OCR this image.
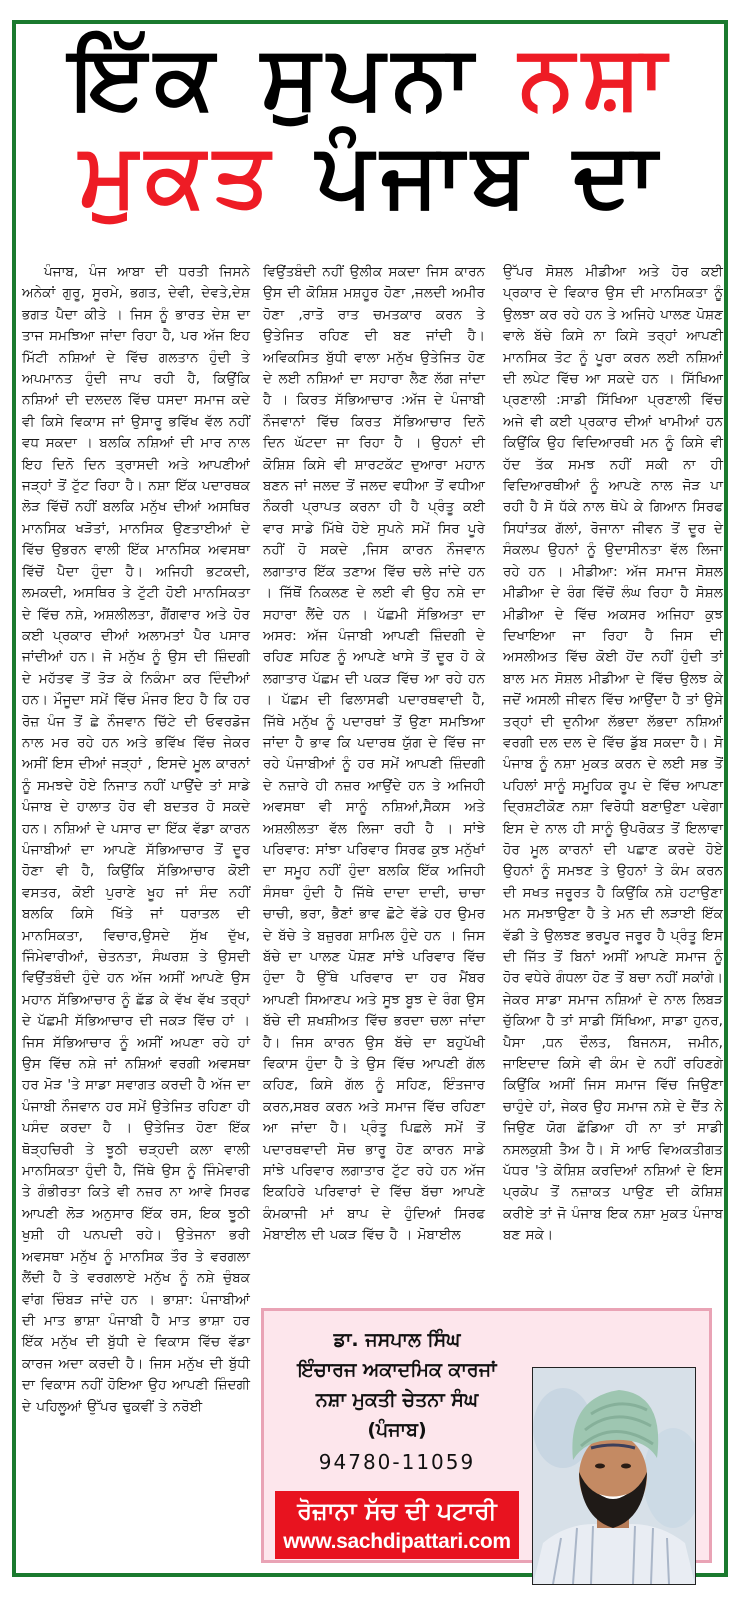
ਇੱਕ ਸੁਪਨਾ ਨਸ਼ਾ
ਮੁਕਤ ਪੰਜਾਬ ਦਾ

ਪੰਜਾਬ, ਪੰਜ ਆਬਾ ਦੀ ਧਰਤੀ ਜਿਸਨੇ ਅਨੇਕਾਂ ਗੁਰੂ, ਸੂਰਮੇ, ਭਗਤ, ਦੇਵੀ, ਦੇਵਤੇ,ਦੇਸ਼ ਭਗਤ ਪੈਦਾ ਕੀਤੇ । ਜਿਸ ਨੂੰ ਭਾਰਤ ਦੇਸ਼ ਦਾ ਤਾਜ ਸਮਝਿਆ ਜਾਂਦਾ ਰਿਹਾ ਹੈ, ਪਰ ਅੱਜ ਇਹ ਮਿੱਟੀ ਨਸ਼ਿਆਂ ਦੇ ਵਿੱਚ ਗਲਤਾਨ ਹੁੰਦੀ ਤੇ ਅਪਮਾਨਤ ਹੁੰਦੀ ਜਾਪ ਰਹੀ ਹੈ, ਕਿਉਂਕਿ ਨਸ਼ਿਆਂ ਦੀ ਦਲਦਲ ਵਿੱਚ ਧਸਦਾ ਸਮਾਜ ਕਦੇ ਵੀ ਕਿਸੇ ਵਿਕਾਸ ਜਾਂ ਉਸਾਰੂ ਭਵਿੱਖ ਵੱਲ ਨਹੀਂ ਵਧ ਸਕਦਾ । ਬਲਕਿ ਨਸ਼ਿਆਂ ਦੀ ਮਾਰ ਨਾਲ ਇਹ ਦਿਨੋ ਦਿਨ ਤ੍ਰਾਸਦੀ ਅਤੇ ਆਪਣੀਆਂ ਜੜ੍ਹਾਂ ਤੋਂ ਟੁੱਟ ਰਿਹਾ ਹੈ। ਨਸ਼ਾ ਇੱਕ ਪਦਾਰਥਕ ਲੋੜ ਵਿੱਚੋਂ ਨਹੀਂ ਬਲਕਿ ਮਨੁੱਖ ਦੀਆਂ ਅਸਥਿਰ ਮਾਨਸਿਕ ਖੜੋਤਾਂ, ਮਾਨਸਿਕ ਉਣਤਾਈਆਂ ਦੇ ਵਿੱਚ ਉਭਰਨ ਵਾਲੀ ਇੱਕ ਮਾਨਸਿਕ ਅਵਸਥਾ ਵਿੱਚੋਂ ਪੈਦਾ ਹੁੰਦਾ ਹੈ। ਅਜਿਹੀ ਭਟਕਦੀ, ਲਮਕਦੀ, ਅਸਥਿਰ ਤੇ ਟੁੱਟੀ ਹੋਈ ਮਾਨਸਿਕਤਾ ਦੇ ਵਿੱਚ ਨਸ਼ੇ, ਅਸ਼ਲੀਲਤਾ, ਗੈਂਗਵਾਰ ਅਤੇ ਹੋਰ ਕਈ ਪ੍ਰਕਾਰ ਦੀਆਂ ਅਲਾਮਤਾਂ ਪੈਰ ਪਸਾਰ ਜਾਂਦੀਆਂ ਹਨ। ਜੋ ਮਨੁੱਖ ਨੂੰ ਉਸ ਦੀ ਜ਼ਿੰਦਗੀ ਦੇ ਮਹੱਤਵ ਤੋਂ ਤੋੜ ਕੇ ਨਿਕੰਮਾ ਕਰ ਦਿੰਦੀਆਂ ਹਨ। ਮੌਜੂਦਾ ਸਮੇਂ ਵਿੱਚ ਮੰਜਰ ਇਹ ਹੈ ਕਿ ਹਰ ਰੋਜ਼ ਪੰਜ ਤੋਂ ਛੇ ਨੌਜਵਾਨ ਚਿੱਟੇ ਦੀ ਓਵਰਡੋਜ ਨਾਲ ਮਰ ਰਹੇ ਹਨ ਅਤੇ ਭਵਿੱਖ ਵਿੱਚ ਜੇਕਰ ਅਸੀਂ ਇਸ ਦੀਆਂ ਜੜ੍ਹਾਂ , ਇਸਦੇ ਮੂਲ ਕਾਰਨਾਂ ਨੂੰ ਸਮਝਦੇ ਹੋਏ ਨਿਜਾਤ ਨਹੀਂ ਪਾਉਂਦੇ ਤਾਂ ਸਾਡੇ ਪੰਜਾਬ ਦੇ ਹਾਲਾਤ ਹੋਰ ਵੀ ਬਦਤਰ ਹੋ ਸਕਦੇ ਹਨ। ਨਸ਼ਿਆਂ ਦੇ ਪਸਾਰ ਦਾ ਇੱਕ ਵੱਡਾ ਕਾਰਨ ਪੰਜਾਬੀਆਂ ਦਾ ਆਪਣੇ ਸੱਭਿਆਚਾਰ ਤੋਂ ਦੂਰ ਹੋਣਾ ਵੀ ਹੈ, ਕਿਉਂਕਿ ਸੱਭਿਆਚਾਰ ਕੋਈ ਵਸਤਰ, ਕੋਈ ਪੁਰਾਣੇ ਖੂਹ ਜਾਂ ਸੰਦ ਨਹੀਂ ਬਲਕਿ ਕਿਸੇ ਖਿੱਤੇ ਜਾਂ ਧਰਾਤਲ ਦੀ ਮਾਨਸਿਕਤਾ, ਵਿਚਾਰ,ਉਸਦੇ ਸੁੱਖ ਦੁੱਖ, ਜਿੰਮੇਵਾਰੀਆਂ, ਚੇਤਨਤਾ, ਸੰਘਰਸ਼ ਤੇ ਉਸਦੀ ਵਿਉਂਤਬੰਦੀ ਹੁੰਦੇ ਹਨ ਅੱਜ ਅਸੀਂ ਆਪਣੇ ਉਸ ਮਹਾਨ ਸੱਭਿਆਚਾਰ ਨੂੰ ਛੱਡ ਕੇ ਵੱਖ ਵੱਖ ਤਰ੍ਹਾਂ ਦੇ ਪੱਛਮੀ ਸੱਭਿਆਚਾਰ ਦੀ ਜਕੜ ਵਿੱਚ ਹਾਂ । ਜਿਸ ਸੱਭਿਆਚਾਰ ਨੂੰ ਅਸੀਂ ਅਪਣਾ ਰਹੇ ਹਾਂ ਉਸ ਵਿੱਚ ਨਸ਼ੇ ਜਾਂ ਨਸ਼ਿਆਂ ਵਰਗੀ ਅਵਸਥਾ ਹਰ ਮੋੜ 'ਤੇ ਸਾਡਾ ਸਵਾਗਤ ਕਰਦੀ ਹੈ ਅੱਜ ਦਾ ਪੰਜਾਬੀ ਨੌਜਵਾਨ ਹਰ ਸਮੇਂ ਉਤੇਜਿਤ ਰਹਿਣਾ ਹੀ ਪਸੰਦ ਕਰਦਾ ਹੈ । ਉਤੇਜਿਤ ਹੋਣਾ ਇੱਕ ਥੋੜ੍ਹਚਿਰੀ ਤੇ ਝੂਠੀ ਚੜ੍ਹਦੀ ਕਲਾ ਵਾਲੀ ਮਾਨਸਿਕਤਾ ਹੁੰਦੀ ਹੈ, ਜਿੱਥੇ ਉਸ ਨੂੰ ਜਿੰਮੇਵਾਰੀ ਤੇ ਗੰਭੀਰਤਾ ਕਿਤੇ ਵੀ ਨਜ਼ਰ ਨਾ ਆਵੇ ਸਿਰਫ ਆਪਣੀ ਲੋੜ ਅਨੁਸਾਰ ਇੱਕ ਰਸ, ਇਕ ਝੂਠੀ ਖੁਸ਼ੀ ਹੀ ਪਨਪਦੀ ਰਹੇ। ਉਤੇਜਨਾ ਭਰੀ ਅਵਸਥਾ ਮਨੁੱਖ ਨੂੰ ਮਾਨਸਿਕ ਤੌਰ ਤੇ ਵਰਗਲਾ ਲੈਂਦੀ ਹੈ ਤੇ ਵਰਗਲਾਏ ਮਨੁੱਖ ਨੂੰ ਨਸ਼ੇ ਚੁੰਬਕ ਵਾਂਗ ਚਿੰਬੜ ਜਾਂਦੇ ਹਨ । ਭਾਸ਼ਾ: ਪੰਜਾਬੀਆਂ ਦੀ ਮਾਤ ਭਾਸ਼ਾ ਪੰਜਾਬੀ ਹੈ ਮਾਤ ਭਾਸ਼ਾ ਹਰ ਇੱਕ ਮਨੁੱਖ ਦੀ ਬੁੱਧੀ ਦੇ ਵਿਕਾਸ ਵਿੱਚ ਵੱਡਾ ਕਾਰਜ ਅਦਾ ਕਰਦੀ ਹੈ। ਜਿਸ ਮਨੁੱਖ ਦੀ ਬੁੱਧੀ ਦਾ ਵਿਕਾਸ ਨਹੀਂ ਹੋਇਆ ਉਹ ਆਪਣੀ ਜ਼ਿੰਦਗੀ ਦੇ ਪਹਿਲੂਆਂ ਉੱਪਰ ਢੁਕਵੀਂ ਤੇ ਨਰੋਈ

ਵਿਉਂਤਬੰਦੀ ਨਹੀਂ ਉਲੀਕ ਸਕਦਾ ਜਿਸ ਕਾਰਨ ਉਸ ਦੀ ਕੋਸ਼ਿਸ਼ ਮਸ਼ਹੂਰ ਹੋਣਾ ,ਜਲਦੀ ਅਮੀਰ ਹੋਣਾ ,ਰਾਤੋ ਰਾਤ ਚਮਤਕਾਰ ਕਰਨ ਤੇ ਉਤੇਜਿਤ ਰਹਿਣ ਦੀ ਬਣ ਜਾਂਦੀ ਹੈ। ਅਵਿਕਸਿਤ ਬੁੱਧੀ ਵਾਲਾ ਮਨੁੱਖ ਉਤੇਜਿਤ ਹੋਣ ਦੇ ਲਈ ਨਸ਼ਿਆਂ ਦਾ ਸਹਾਰਾ ਲੈਣ ਲੱਗ ਜਾਂਦਾ ਹੈ । ਕਿਰਤ ਸੱਭਿਆਚਾਰ :ਅੱਜ ਦੇ ਪੰਜਾਬੀ ਨੌਜਵਾਨਾਂ ਵਿੱਚ ਕਿਰਤ ਸੱਭਿਆਚਾਰ ਦਿਨੋ ਦਿਨ ਘੱਟਦਾ ਜਾ ਰਿਹਾ ਹੈ । ਉਹਨਾਂ ਦੀ ਕੋਸ਼ਿਸ਼ ਕਿਸੇ ਵੀ ਸ਼ਾਰਟਕੱਟ ਦੁਆਰਾ ਮਹਾਨ ਬਣਨ ਜਾਂ ਜਲਦ ਤੋਂ ਜਲਦ ਵਧੀਆ ਤੋਂ ਵਧੀਆ ਨੌਕਰੀ ਪ੍ਰਾਪਤ ਕਰਨਾ ਹੀ ਹੈ ਪ੍ਰੰਤੂ ਕਈ ਵਾਰ ਸਾਡੇ ਮਿੱਥੇ ਹੋਏ ਸੁਪਨੇ ਸਮੇਂ ਸਿਰ ਪੂਰੇ ਨਹੀਂ ਹੋ ਸਕਦੇ ,ਜਿਸ ਕਾਰਨ ਨੌਜਵਾਨ ਲਗਾਤਾਰ ਇੱਕ ਤਣਾਅ ਵਿੱਚ ਚਲੇ ਜਾਂਦੇ ਹਨ । ਜਿੱਥੋਂ ਨਿਕਲਣ ਦੇ ਲਈ ਵੀ ਉਹ ਨਸ਼ੇ ਦਾ ਸਹਾਰਾ ਲੈਂਦੇ ਹਨ । ਪੱਛਮੀ ਸੱਭਿਅਤਾ ਦਾ ਅਸਰ: ਅੱਜ ਪੰਜਾਬੀ ਆਪਣੀ ਜ਼ਿੰਦਗੀ ਦੇ ਰਹਿਣ ਸਹਿਣ ਨੂੰ ਆਪਣੇ ਖਾਸੇ ਤੋਂ ਦੂਰ ਹੋ ਕੇ ਲਗਾਤਾਰ ਪੱਛਮ ਦੀ ਪਕੜ ਵਿੱਚ ਆ ਰਹੇ ਹਨ । ਪੱਛਮ ਦੀ ਫਿਲਾਸਫੀ ਪਦਾਰਥਵਾਦੀ ਹੈ, ਜਿੱਥੇ ਮਨੁੱਖ ਨੂੰ ਪਦਾਰਥਾਂ ਤੋਂ ਉਣਾ ਸਮਝਿਆ ਜਾਂਦਾ ਹੈ ਭਾਵ ਕਿ ਪਦਾਰਥ ਯੁੱਗ ਦੇ ਵਿੱਚ ਜਾ ਰਹੇ ਪੰਜਾਬੀਆਂ ਨੂੰ ਹਰ ਸਮੇਂ ਆਪਣੀ ਜ਼ਿੰਦਗੀ ਦੇ ਨਜ਼ਾਰੇ ਹੀ ਨਜ਼ਰ ਆਉਂਦੇ ਹਨ ਤੇ ਅਜਿਹੀ ਅਵਸਥਾ ਵੀ ਸਾਨੂੰ ਨਸ਼ਿਆਂ,ਸੈਕਸ ਅਤੇ ਅਸ਼ਲੀਲਤਾ ਵੱਲ ਲਿਜਾ ਰਹੀ ਹੈ । ਸਾਂਝੇ ਪਰਿਵਾਰ: ਸਾਂਝਾ ਪਰਿਵਾਰ ਸਿਰਫ ਕੁਝ ਮਨੁੱਖਾਂ ਦਾ ਸਮੂਹ ਨਹੀਂ ਹੁੰਦਾ ਬਲਕਿ ਇੱਕ ਅਜਿਹੀ ਸੰਸਥਾ ਹੁੰਦੀ ਹੈ ਜਿੱਥੇ ਦਾਦਾ ਦਾਦੀ, ਚਾਚਾ ਚਾਚੀ, ਭਰਾ, ਭੈਣਾਂ ਭਾਵ ਛੋਟੇ ਵੱਡੇ ਹਰ ਉਮਰ ਦੇ ਬੱਚੇ ਤੇ ਬਜ਼ੁਰਗ ਸ਼ਾਮਿਲ ਹੁੰਦੇ ਹਨ । ਜਿਸ ਬੱਚੇ ਦਾ ਪਾਲਣ ਪੋਸ਼ਣ ਸਾਂਝੇ ਪਰਿਵਾਰ ਵਿੱਚ ਹੁੰਦਾ ਹੈ ਉੱਥੇ ਪਰਿਵਾਰ ਦਾ ਹਰ ਮੈਂਬਰ ਆਪਣੀ ਸਿਆਣਪ ਅਤੇ ਸੂਝ ਬੂਝ ਦੇ ਰੰਗ ਉਸ ਬੱਚੇ ਦੀ ਸ਼ਖਸ਼ੀਅਤ ਵਿੱਚ ਭਰਦਾ ਚਲਾ ਜਾਂਦਾ ਹੈ। ਜਿਸ ਕਾਰਨ ਉਸ ਬੱਚੇ ਦਾ ਬਹੁਪੱਖੀ ਵਿਕਾਸ ਹੁੰਦਾ ਹੈ ਤੇ ਉਸ ਵਿੱਚ ਆਪਣੀ ਗੱਲ ਕਹਿਣ, ਕਿਸੇ ਗੱਲ ਨੂੰ ਸਹਿਣ, ਇੰਤਜਾਰ ਕਰਨ,ਸਬਰ ਕਰਨ ਅਤੇ ਸਮਾਜ ਵਿੱਚ ਰਹਿਣਾ ਆ ਜਾਂਦਾ ਹੈ। ਪ੍ਰੰਤੂ ਪਿਛਲੇ ਸਮੇਂ ਤੋਂ ਪਦਾਰਥਵਾਦੀ ਸੋਚ ਭਾਰੂ ਹੋਣ ਕਾਰਨ ਸਾਡੇ ਸਾਂਝੇ ਪਰਿਵਾਰ ਲਗਾਤਾਰ ਟੁੱਟ ਰਹੇ ਹਨ ਅੱਜ ਇਕਹਿਰੇ ਪਰਿਵਾਰਾਂ ਦੇ ਵਿੱਚ ਬੱਚਾ ਆਪਣੇ ਕੰਮਕਾਜੀ ਮਾਂ ਬਾਪ ਦੇ ਹੁੰਦਿਆਂ ਸਿਰਫ ਮੋਬਾਈਲ ਦੀ ਪਕੜ ਵਿੱਚ ਹੈ । ਮੋਬਾਈਲ

ਉੱਪਰ ਸੋਸ਼ਲ ਮੀਡੀਆ ਅਤੇ ਹੋਰ ਕਈ ਪ੍ਰਕਾਰ ਦੇ ਵਿਕਾਰ ਉਸ ਦੀ ਮਾਨਸਿਕਤਾ ਨੂੰ ਉਲਝਾ ਕਰ ਰਹੇ ਹਨ ਤੇ ਅਜਿਹੇ ਪਾਲਣ ਪੋਸ਼ਣ ਵਾਲੇ ਬੱਚੇ ਕਿਸੇ ਨਾ ਕਿਸੇ ਤਰ੍ਹਾਂ ਆਪਣੀ ਮਾਨਸਿਕ ਤੋਟ ਨੂੰ ਪੂਰਾ ਕਰਨ ਲਈ ਨਸ਼ਿਆਂ ਦੀ ਲਪੇਟ ਵਿੱਚ ਆ ਸਕਦੇ ਹਨ । ਸਿੱਖਿਆ ਪ੍ਰਣਾਲੀ :ਸਾਡੀ ਸਿੱਖਿਆ ਪ੍ਰਣਾਲੀ ਵਿੱਚ ਅਜੇ ਵੀ ਕਈ ਪ੍ਰਕਾਰ ਦੀਆਂ ਖਾਮੀਆਂ ਹਨ ਕਿਉਂਕਿ ਉਹ ਵਿਦਿਆਰਥੀ ਮਨ ਨੂੰ ਕਿਸੇ ਵੀ ਹੱਦ ਤੱਕ ਸਮਝ ਨਹੀਂ ਸਕੀ ਨਾ ਹੀ ਵਿਦਿਆਰਥੀਆਂ ਨੂੰ ਆਪਣੇ ਨਾਲ ਜੋੜ ਪਾ ਰਹੀ ਹੈ ਸੋ ਧੱਕੇ ਨਾਲ ਥੋਪੇ ਕੇ ਗਿਆਨ ਸਿਰਫ ਸਿਧਾਂਤਕ ਗੱਲਾਂ, ਰੋਜਾਨਾ ਜੀਵਨ ਤੋਂ ਦੂਰ ਦੇ ਸੰਕਲਪ ਉਹਨਾਂ ਨੂੰ ਉਦਾਸੀਨਤਾ ਵੱਲ ਲਿਜਾ ਰਹੇ ਹਨ । ਮੀਡੀਆ: ਅੱਜ ਸਮਾਜ ਸੋਸ਼ਲ ਮੀਡੀਆ ਦੇ ਰੰਗ ਵਿੱਚੋਂ ਲੰਘ ਰਿਹਾ ਹੈ ਸੋਸ਼ਲ ਮੀਡੀਆ ਦੇ ਵਿੱਚ ਅਕਸਰ ਅਜਿਹਾ ਕੁਝ ਦਿਖਾਇਆ ਜਾ ਰਿਹਾ ਹੈ ਜਿਸ ਦੀ ਅਸਲੀਅਤ ਵਿੱਚ ਕੋਈ ਹੋਂਦ ਨਹੀਂ ਹੁੰਦੀ ਤਾਂ ਬਾਲ ਮਨ ਸੋਸ਼ਲ ਮੀਡੀਆ ਦੇ ਵਿੱਚ ਉਲਝ ਕੇ ਜਦੋਂ ਅਸਲੀ ਜੀਵਨ ਵਿੱਚ ਆਉਂਦਾ ਹੈ ਤਾਂ ਉਸੇ ਤਰ੍ਹਾਂ ਦੀ ਦੁਨੀਆ ਲੱਭਦਾ ਲੱਭਦਾ ਨਸ਼ਿਆਂ ਵਰਗੀ ਦਲ ਦਲ ਦੇ ਵਿੱਚ ਡੁੱਬ ਸਕਦਾ ਹੈ। ਸੋ ਪੰਜਾਬ ਨੂੰ ਨਸ਼ਾ ਮੁਕਤ ਕਰਨ ਦੇ ਲਈ ਸਭ ਤੋਂ ਪਹਿਲਾਂ ਸਾਨੂੰ ਸਮੂਹਿਕ ਰੂਪ ਦੇ ਵਿੱਚ ਆਪਣਾ ਦ੍ਰਿਸ਼ਟੀਕੋਣ ਨਸ਼ਾ ਵਿਰੋਧੀ ਬਣਾਉਣਾ ਪਵੇਗਾ ਇਸ ਦੇ ਨਾਲ ਹੀ ਸਾਨੂੰ ਉਪਰੋਕਤ ਤੋਂ ਇਲਾਵਾ ਹੋਰ ਮੂਲ ਕਾਰਨਾਂ ਦੀ ਪਛਾਣ ਕਰਦੇ ਹੋਏ ਉਹਨਾਂ ਨੂੰ ਸਮਝਣ ਤੇ ਉਹਨਾਂ ਤੇ ਕੰਮ ਕਰਨ ਦੀ ਸਖਤ ਜਰੂਰਤ ਹੈ ਕਿਉਂਕਿ ਨਸ਼ੇ ਹਟਾਉਣਾ ਮਨ ਸਮਝਾਉਣਾ ਹੈ ਤੇ ਮਨ ਦੀ ਲੜਾਈ ਇੱਕ ਵੱਡੀ ਤੇ ਉਲਝਣ ਭਰਪੂਰ ਜਰੂਰ ਹੈ ਪ੍ਰੰਤੂ ਇਸ ਦੀ ਜਿੱਤ ਤੋਂ ਬਿਨਾਂ ਅਸੀਂ ਆਪਣੇ ਸਮਾਜ ਨੂੰ ਹੋਰ ਵਧੇਰੇ ਗੰਧਲਾ ਹੋਣ ਤੋਂ ਬਚਾ ਨਹੀਂ ਸਕਾਂਗੇ। ਜੇਕਰ ਸਾਡਾ ਸਮਾਜ ਨਸ਼ਿਆਂ ਦੇ ਨਾਲ ਲਿਬੜ ਚੁੱਕਿਆ ਹੈ ਤਾਂ ਸਾਡੀ ਸਿੱਖਿਆ, ਸਾਡਾ ਹੁਨਰ, ਪੈਸਾ ,ਧਨ ਦੌਲਤ, ਬਿਜਨਸ, ਜਮੀਨ, ਜਾਇਦਾਦ ਕਿਸੇ ਵੀ ਕੰਮ ਦੇ ਨਹੀਂ ਰਹਿਣਗੇ ਕਿਉਂਕਿ ਅਸੀਂ ਜਿਸ ਸਮਾਜ ਵਿੱਚ ਜਿਉਣਾ ਚਾਹੁੰਦੇ ਹਾਂ, ਜੇਕਰ ਉਹ ਸਮਾਜ ਨਸ਼ੇ ਦੇ ਦੈਂਤ ਨੇ ਜਿਉਣ ਯੋਗ ਛੱਡਿਆ ਹੀ ਨਾ ਤਾਂ ਸਾਡੀ ਨਸਲਕੁਸ਼ੀ ਤੈਅ ਹੈ। ਸੋ ਆਓ ਵਿਅਕਤੀਗਤ ਪੱਧਰ 'ਤੇ ਕੋਸ਼ਿਸ਼ ਕਰਦਿਆਂ ਨਸ਼ਿਆਂ ਦੇ ਇਸ ਪ੍ਰਕੋਪ ਤੋਂ ਨਜ਼ਾਕਤ ਪਾਉਣ ਦੀ ਕੋਸ਼ਿਸ਼ ਕਰੀਏ ਤਾਂ ਜੋ ਪੰਜਾਬ ਇਕ ਨਸ਼ਾ ਮੁਕਤ ਪੰਜਾਬ ਬਣ ਸਕੇ।

ਡਾ. ਜਸਪਾਲ ਸਿੰਘ
ਇੰਚਾਰਜ ਅਕਾਦਮਿਕ ਕਾਰਜਾਂ
ਨਸ਼ਾ ਮੁਕਤੀ ਚੇਤਨਾ ਸੰਘ
(ਪੰਜਾਬ)
94780-11059
ਰੋਜ਼ਾਨਾ ਸੱਚ ਦੀ ਪਟਾਰੀ
www.sachdipattari.com
